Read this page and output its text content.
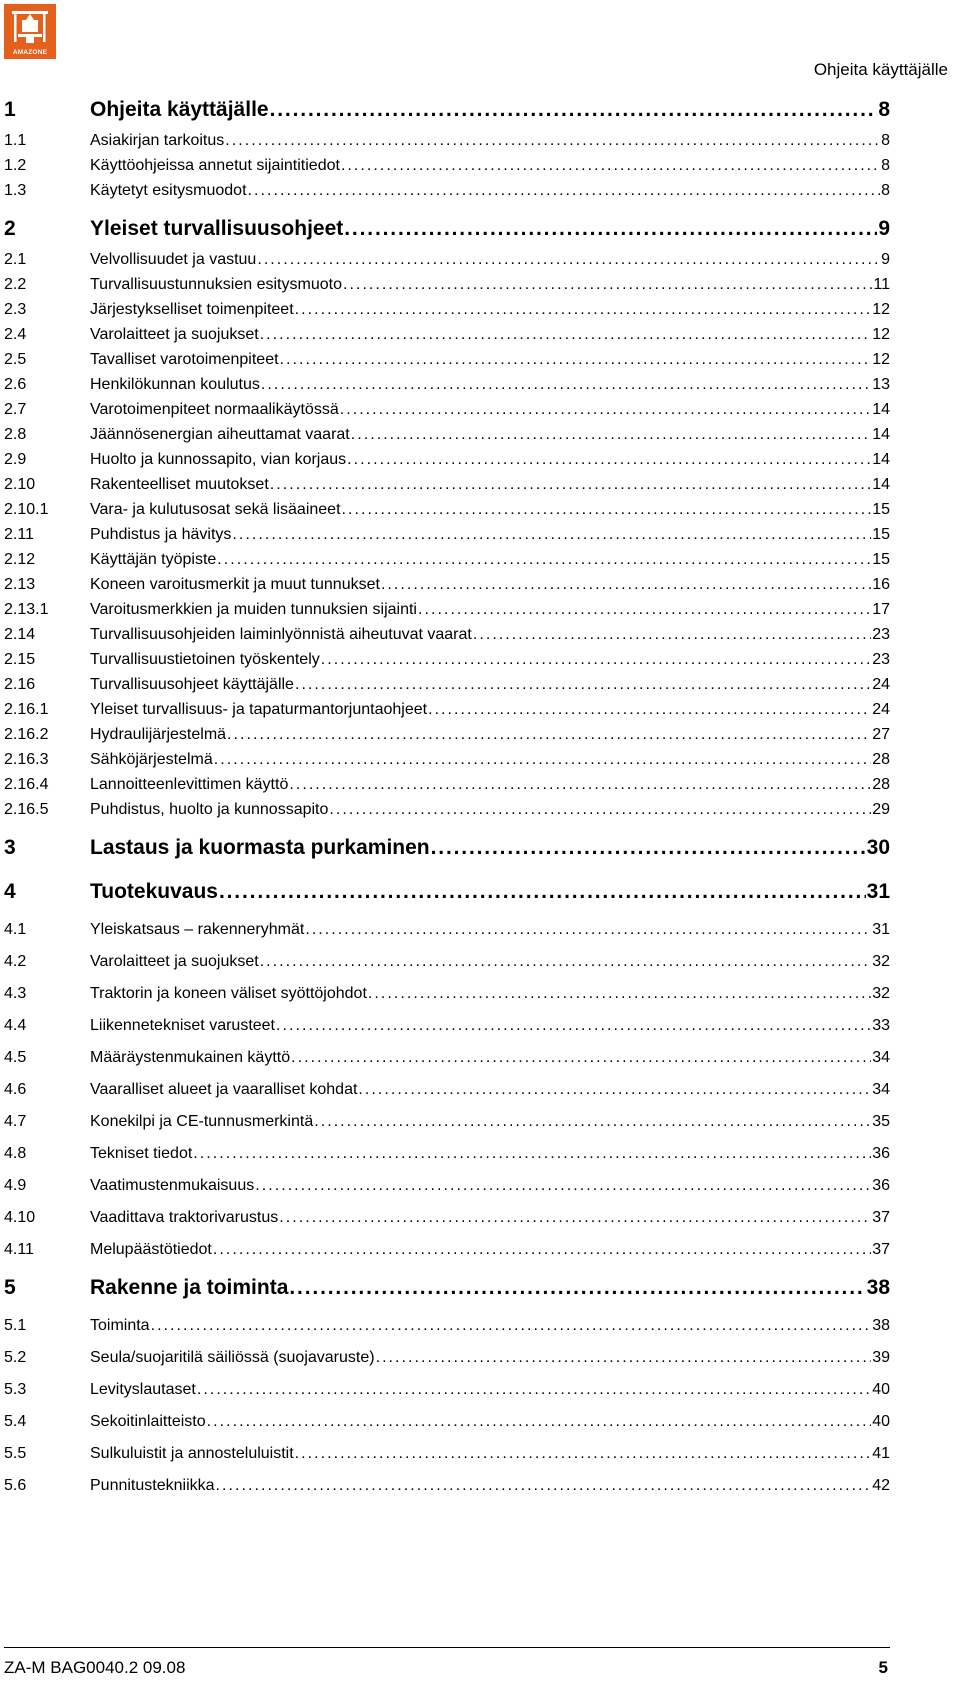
AMAZONE
Ohjeita käyttäjälle
1	Ohjeita käyttäjälle . . .	8
1.1	Asiakirjan tarkoitus . . .	8
1.2	Käyttöohjeissa annetut sijaintitiedot . . .	8
1.3	Käytetyt esitysmuodot . . .	8
2	Yleiset turvallisuusohjeet . . .	9
2.1	Velvollisuudet ja vastuu . . .	9
2.2	Turvallisuustunnuksien esitysmuoto . . .	11
2.3	Järjestykselliset toimenpiteet . . .	12
2.4	Varolaitteet ja suojukset . . .	12
2.5	Tavalliset varotoimenpiteet . . .	12
2.6	Henkilökunnan koulutus . . .	13
2.7	Varotoimenpiteet normaalikäytössä . . .	14
2.8	Jäännösenergian aiheuttamat vaarat . . .	14
2.9	Huolto ja kunnossapito, vian korjaus . . .	14
2.10	Rakenteelliset muutokset . . .	14
2.10.1	Vara- ja kulutusosat sekä lisäaineet . . .	15
2.11	Puhdistus ja hävitys . . .	15
2.12	Käyttäjän työpiste . . .	15
2.13	Koneen varoitusmerkit ja muut tunnukset . . .	16
2.13.1	Varoitusmerkkien ja muiden tunnuksien sijainti . . .	17
2.14	Turvallisuusohjeiden laiminlyönnistä aiheutuvat vaarat . . .	23
2.15	Turvallisuustietoinen työskentely . . .	23
2.16	Turvallisuusohjeet käyttäjälle . . .	24
2.16.1	Yleiset turvallisuus- ja tapaturmantorjuntaohjeet . . .	24
2.16.2	Hydraulijärjestelmä . . .	27
2.16.3	Sähköjärjestelmä . . .	28
2.16.4	Lannoitteenlevittimen käyttö . . .	28
2.16.5	Puhdistus, huolto ja kunnossapito . . .	29
3	Lastaus ja kuormasta purkaminen . . .	30
4	Tuotekuvaus . . .	31
4.1	Yleiskatsaus – rakenneryhmät . . .	31
4.2	Varolaitteet ja suojukset . . .	32
4.3	Traktorin ja koneen väliset syöttöjohdot . . .	32
4.4	Liikennetekniset varusteet . . .	33
4.5	Määräystenmukainen käyttö . . .	34
4.6	Vaaralliset alueet ja vaaralliset kohdat . . .	34
4.7	Konekilpi ja CE-tunnusmerkintä . . .	35
4.8	Tekniset tiedot . . .	36
4.9	Vaatimustenmukaisuus . . .	36
4.10	Vaadittava traktorivarustus . . .	37
4.11	Melupäästötiedot . . .	37
5	Rakenne ja toiminta . . .	38
5.1	Toiminta . . .	38
5.2	Seula/suojaritilä säiliössä (suojavaruste) . . .	39
5.3	Levityslautaset . . .	40
5.4	Sekoitinlaitteisto . . .	40
5.5	Sulkuluistit ja annosteluluistit . . .	41
5.6	Punnitustekniikka . . .	42
ZA-M BAG0040.2 09.08	5
